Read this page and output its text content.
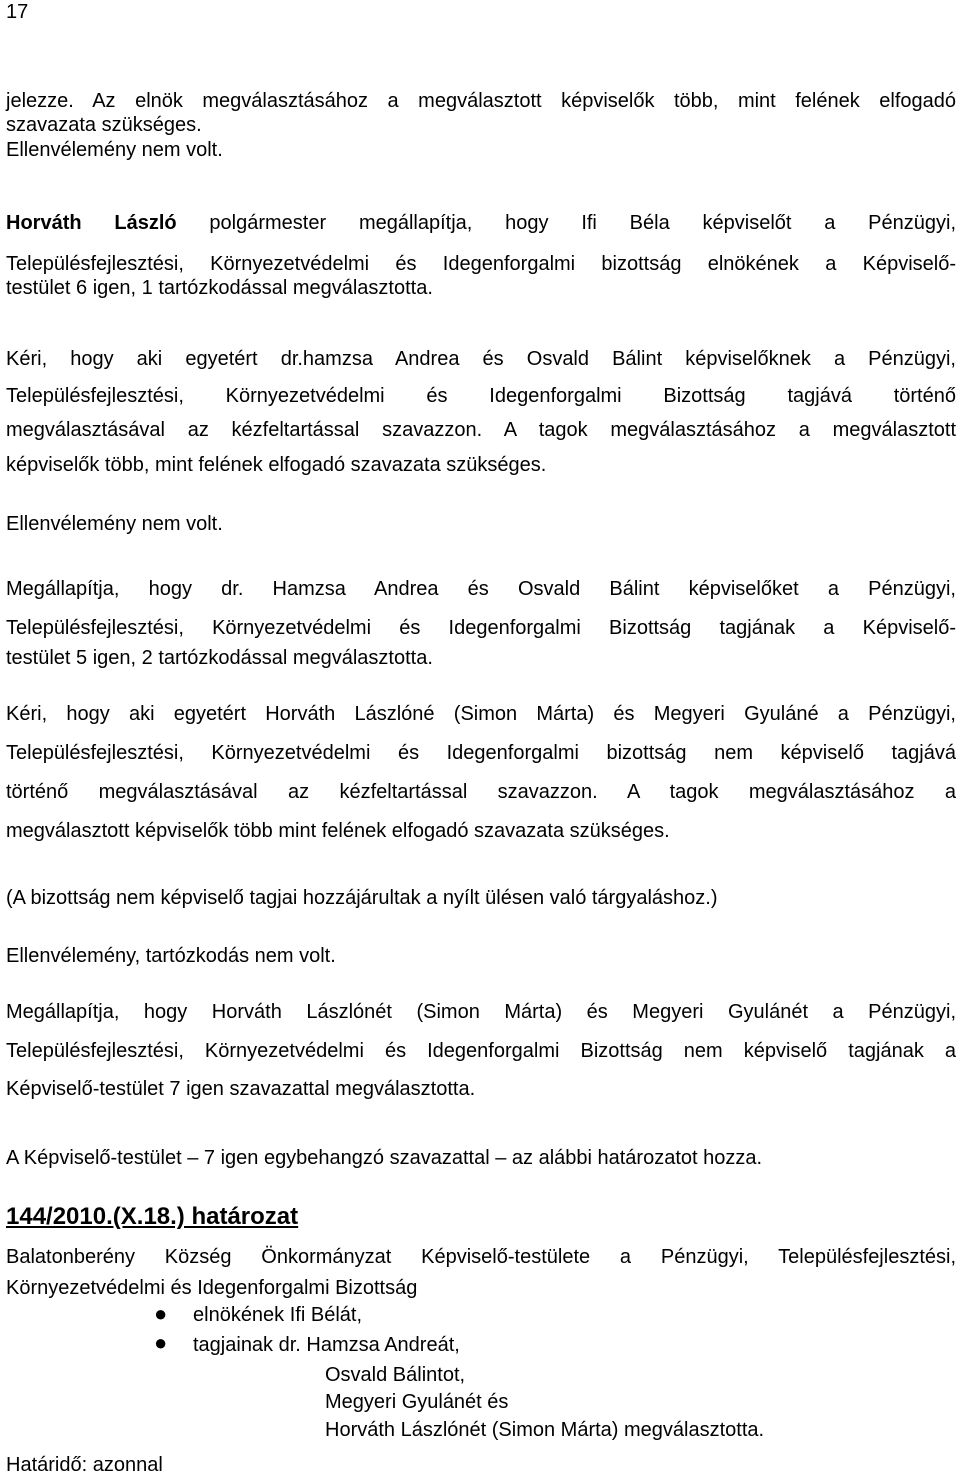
17
jelezze. Az elnök megválasztásához a megválasztott képviselők több, mint felének elfogadó
szavazata szükséges.
Ellenvélemény nem volt.
Horváth László polgármester megállapítja, hogy Ifi Béla képviselőt a Pénzügyi,
Településfejlesztési, Környezetvédelmi és Idegenforgalmi bizottság elnökének a Képviselő-
testület 6 igen, 1 tartózkodással megválasztotta.
Kéri, hogy aki egyetért dr.hamzsa Andrea és Osvald Bálint képviselőknek a Pénzügyi,
Településfejlesztési, Környezetvédelmi és Idegenforgalmi Bizottság tagjává történő
megválasztásával az kézfeltartással szavazzon. A tagok megválasztásához a megválasztott
képviselők több, mint felének elfogadó szavazata szükséges.
Ellenvélemény nem volt.
Megállapítja, hogy dr. Hamzsa Andrea és Osvald Bálint képviselőket a Pénzügyi,
Településfejlesztési, Környezetvédelmi és Idegenforgalmi Bizottság tagjának a Képviselő-
testület 5 igen, 2 tartózkodással megválasztotta.
Kéri, hogy aki egyetért Horváth Lászlóné (Simon Márta) és Megyeri Gyuláné a Pénzügyi,
Településfejlesztési, Környezetvédelmi és Idegenforgalmi bizottság nem képviselő tagjává
történő megválasztásával az kézfeltartással szavazzon. A tagok megválasztásához a
megválasztott képviselők több mint felének elfogadó szavazata szükséges.
(A bizottság nem képviselő tagjai hozzájárultak a nyílt ülésen való tárgyaláshoz.)
Ellenvélemény, tartózkodás nem volt.
Megállapítja, hogy Horváth Lászlónét (Simon Márta) és Megyeri Gyulánét a Pénzügyi,
Településfejlesztési, Környezetvédelmi és Idegenforgalmi Bizottság nem képviselő tagjának a
Képviselő-testület 7 igen szavazattal megválasztotta.
A Képviselő-testület – 7 igen egybehangzó szavazattal – az alábbi határozatot hozza.
144/2010.(X.18.) határozat
Balatonberény Község Önkormányzat Képviselő-testülete a Pénzügyi, Településfejlesztési,
Környezetvédelmi és Idegenforgalmi Bizottság
● elnökének Ifi Bélát,
● tagjainak dr. Hamzsa Andreát,
Osvald Bálintot,
Megyeri Gyulánét és
Horváth Lászlónét (Simon Márta) megválasztotta.
Határidő: azonnal
